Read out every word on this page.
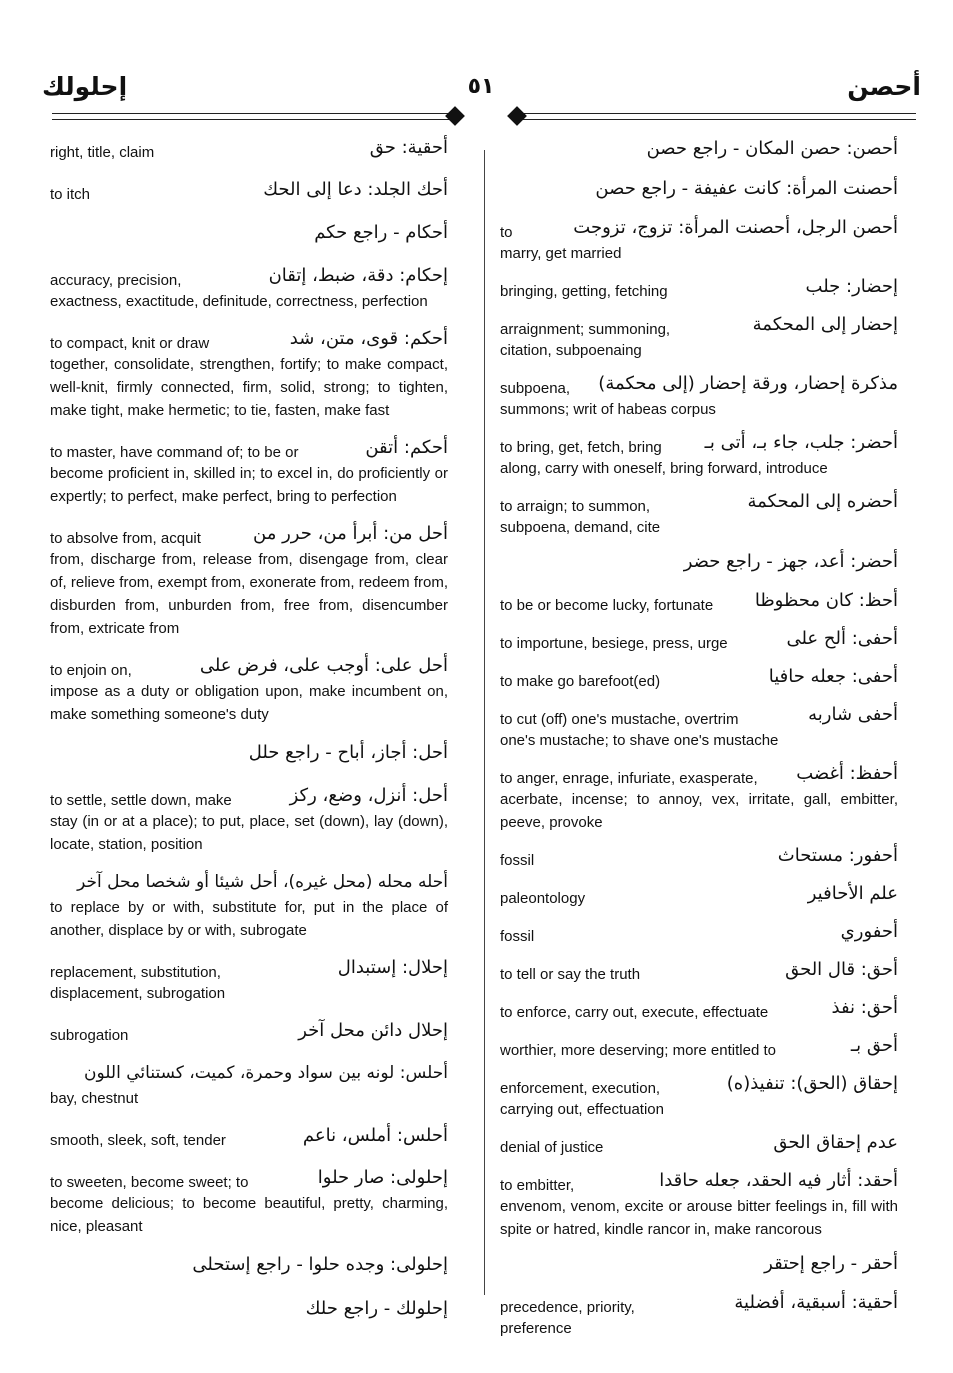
إحلولك	٥١	أحصن
right, title, claim	أحقية: حق
to itch	أحك الجلد: دعا إلى الحك
أحكام - راجع حكم
accuracy, precision,	إحكام: دقة، ضبط، إتقان
exactness, exactitude, definitude, correctness, perfection
to compact, knit or draw	أحكم: قوى، متن، شد
together, consolidate, strengthen, fortify; to make compact, well-knit, firmly connected, firm, solid, strong; to tighten, make tight, make hermetic; to tie, fasten, make fast
to master, have command of; to be or	أحكم: أتقن
become proficient in, skilled in; to excel in, do proficiently or expertly; to perfect, make perfect, bring to perfection
to absolve from, acquit	أحل من: أبرأ من، حرر من
from, discharge from, release from, disengage from, clear of, relieve from, exempt from, exonerate from, redeem from, disburden from, unburden from, free from, disencumber from, extricate from
to enjoin on,	أحل على: أوجب على، فرض على
impose as a duty or obligation upon, make incumbent on, make something someone's duty
أحل: أجاز، أباح - راجع حلل
to settle, settle down, make	أحل: أنزل، وضع، ركز
stay (in or at a place); to put, place, set (down), lay (down), locate, station, position
أحله محله (محل غيره)، أحل شيئا أو شخصا محل آخر
to replace by or with, substitute for, put in the place of another, displace by or with, subrogate
replacement, substitution,	إحلال: إستبدال
displacement, subrogation
subrogation	إحلال دائن محل آخر
أحلس: لونه بين سواد وحمرة، كميت، كستنائي اللون
bay, chestnut
smooth, sleek, soft, tender	أحلس: أملس، ناعم
to sweeten, become sweet; to	إحلولى: صار حلوا
become delicious; to become beautiful, pretty, charming, nice, pleasant
إحلولى: وجده حلوا - راجع إستحلى
إحلولك - راجع حلك
أحصن: حصن المكان - راجع حصن
أحصنت المرأة: كانت عفيفة - راجع حصن
to	أحصن الرجل، أحصنت المرأة: تزوج، تزوجت
marry, get married
bringing, getting, fetching	إحضار: جلب
arraignment; summoning,	إحضار إلى المحكمة
citation, subpoenaing
subpoena, مذكرة إحضار، ورقة إحضار (إلى محكمة)
summons; writ of habeas corpus
to bring, get, fetch, bring أحضر: جلب، جاء بـ، أتى بـ
along, carry with oneself, bring forward, introduce
to arraign; to summon,	أحضره إلى المحكمة
subpoena, demand, cite
أحضر: أعد، جهز - راجع حضر
to be or become lucky, fortunate أحظ: كان محظوظا
to importune, besiege, press, urge	أحفى: ألح على
to make go barefoot(ed)	أحفى: جعله حافيا
to cut (off) one's mustache, overtrim	أحفى شاربه
one's mustache; to shave one's mustache
to anger, enrage, infuriate, exasperate, أحفظ: أغضب
acerbate, incense; to annoy, vex, irritate, gall, embitter, peeve, provoke
fossil	أحفور: مستحاث
paleontology	علم الأحافير
fossil	أحفوري
to tell or say the truth	أحق: قال الحق
to enforce, carry out, execute, effectuate	أحق: نفذ
worthier, more deserving; more entitled to	أحق بـ
enforcement, execution,	إحقاق (الحق): تنفيذ(ه)
carrying out, effectuation
denial of justice	عدم إحقاق الحق
to embitter,	أحقد: أثار فيه الحقد، جعله حاقدا
envenom, venom, excite or arouse bitter feelings in, fill with spite or hatred, kindle rancor in, make rancorous
أحقر - راجع إحتقر
precedence, priority,	أحقية: أسبقية، أفضلية
preference
